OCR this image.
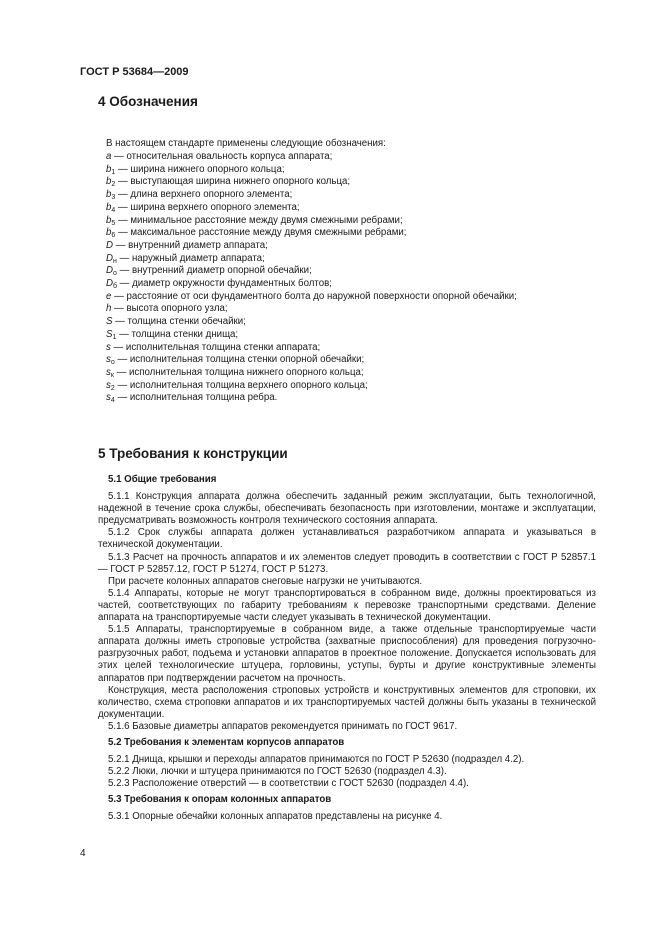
ГОСТ Р 53684—2009
4 Обозначения
В настоящем стандарте применены следующие обозначения:
a — относительная овальность корпуса аппарата;
$b_1$ — ширина нижнего опорного кольца;
$b_2$ — выступающая ширина нижнего опорного кольца;
$b_3$ — длина верхнего опорного элемента;
$b_4$ — ширина верхнего опорного элемента;
$b_5$ — минимальное расстояние между двумя смежными ребрами;
$b_6$ — максимальное расстояние между двумя смежными ребрами;
D — внутренний диаметр аппарата;
$D_н$ — наружный диаметр аппарата;
$D_о$ — внутренний диаметр опорной обечайки;
$D_б$ — диаметр окружности фундаментных болтов;
e — расстояние от оси фундаментного болта до наружной поверхности опорной обечайки;
h — высота опорного узла;
S — толщина стенки обечайки;
$S_1$ — толщина стенки днища;
s — исполнительная толщина стенки аппарата;
$s_о$ — исполнительная толщина стенки опорной обечайки;
$s_к$ — исполнительная толщина нижнего опорного кольца;
$s_2$ — исполнительная толщина верхнего опорного кольца;
$s_4$ — исполнительная толщина ребра.
5 Требования к конструкции
5.1 Общие требования

5.1.1 Конструкция аппарата должна обеспечить заданный режим эксплуатации, быть технологичной, надежной в течение срока службы, обеспечивать безопасность при изготовлении, монтаже и эксплуатации, предусматривать возможность контроля технического состояния аппарата.

5.1.2 Срок службы аппарата должен устанавливаться разработчиком аппарата и указываться в технической документации.

5.1.3 Расчет на прочность аппаратов и их элементов следует проводить в соответствии с ГОСТ Р 52857.1 — ГОСТ Р 52857.12, ГОСТ Р 51274, ГОСТ Р 51273.

При расчете колонных аппаратов снеговые нагрузки не учитываются.

5.1.4 Аппараты, которые не могут транспортироваться в собранном виде, должны проектироваться из частей, соответствующих по габариту требованиям к перевозке транспортными средствами. Деление аппарата на транспортируемые части следует указывать в технической документации.

5.1.5 Аппараты, транспортируемые в собранном виде, а также отдельные транспортируемые части аппарата должны иметь строповые устройства (захватные приспособления) для проведения погрузочно-разгрузочных работ, подъема и установки аппаратов в проектное положение. Допускается использовать для этих целей технологические штуцера, горловины, уступы, бурты и другие конструктивные элементы аппаратов при подтверждении расчетом на прочность.

Конструкция, места расположения строповых устройств и конструктивных элементов для строповки, их количество, схема строповки аппаратов и их транспортируемых частей должны быть указаны в технической документации.

5.1.6 Базовые диаметры аппаратов рекомендуется принимать по ГОСТ 9617.

5.2 Требования к элементам корпусов аппаратов

5.2.1 Днища, крышки и переходы аппаратов принимаются по ГОСТ Р 52630 (подраздел 4.2).

5.2.2 Люки, лючки и штуцера принимаются по ГОСТ 52630 (подраздел 4.3).

5.2.3 Расположение отверстий — в соответствии с ГОСТ 52630 (подраздел 4.4).

5.3 Требования к опорам колонных аппаратов

5.3.1 Опорные обечайки колонных аппаратов представлены на рисунке 4.

4
